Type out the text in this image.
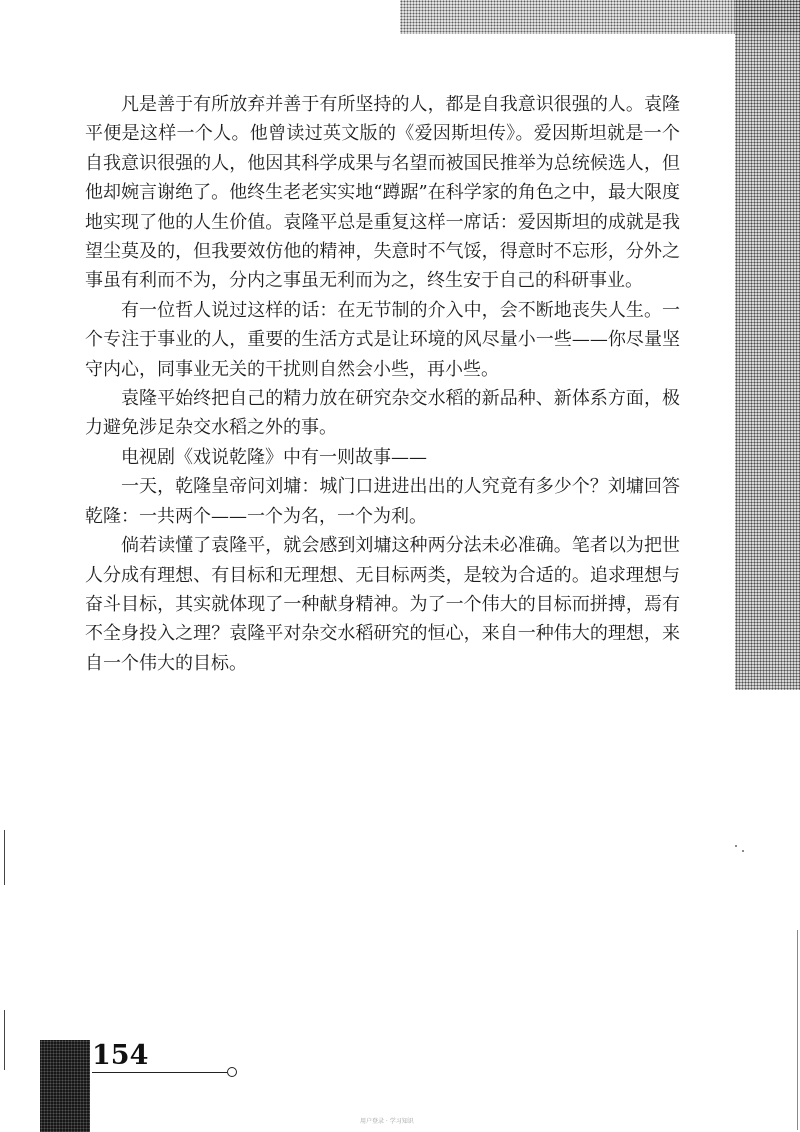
凡是善于有所放弃并善于有所坚持的人，都是自我意识很强的人。袁隆平便是这样一个人。他曾读过英文版的《爱因斯坦传》。爱因斯坦就是一个自我意识很强的人，他因其科学成果与名望而被国民推举为总统候选人，但他却婉言谢绝了。他终生老老实实地“蹲踞”在科学家的角色之中，最大限度地实现了他的人生价值。袁隆平总是重复这样一席话：爱因斯坦的成就是我望尘莫及的，但我要效仿他的精神，失意时不气馁，得意时不忘形，分外之事虽有利而不为，分内之事虽无利而为之，终生安于自己的科研事业。

有一位哲人说过这样的话：在无节制的介入中，会不断地丧失人生。一个专注于事业的人，重要的生活方式是让环境的风尽量小一些——你尽量坚守内心，同事业无关的干扰则自然会小些，再小些。

袁隆平始终把自己的精力放在研究杂交水稻的新品种、新体系方面，极力避免涉足杂交水稻之外的事。

电视剧《戏说乾隆》中有一则故事——

一天，乾隆皇帝问刘墉：城门口进进出出的人究竟有多少个？刘墉回答乾隆：一共两个——一个为名，一个为利。

倘若读懂了袁隆平，就会感到刘墉这种两分法未必准确。笔者以为把世人分成有理想、有目标和无理想、无目标两类，是较为合适的。追求理想与奋斗目标，其实就体现了一种献身精神。为了一个伟大的目标而拼搏，焉有不全身投入之理？袁隆平对杂交水稻研究的恒心，来自一种伟大的理想，来自一个伟大的目标。

154
用户登录 · 学习知识
